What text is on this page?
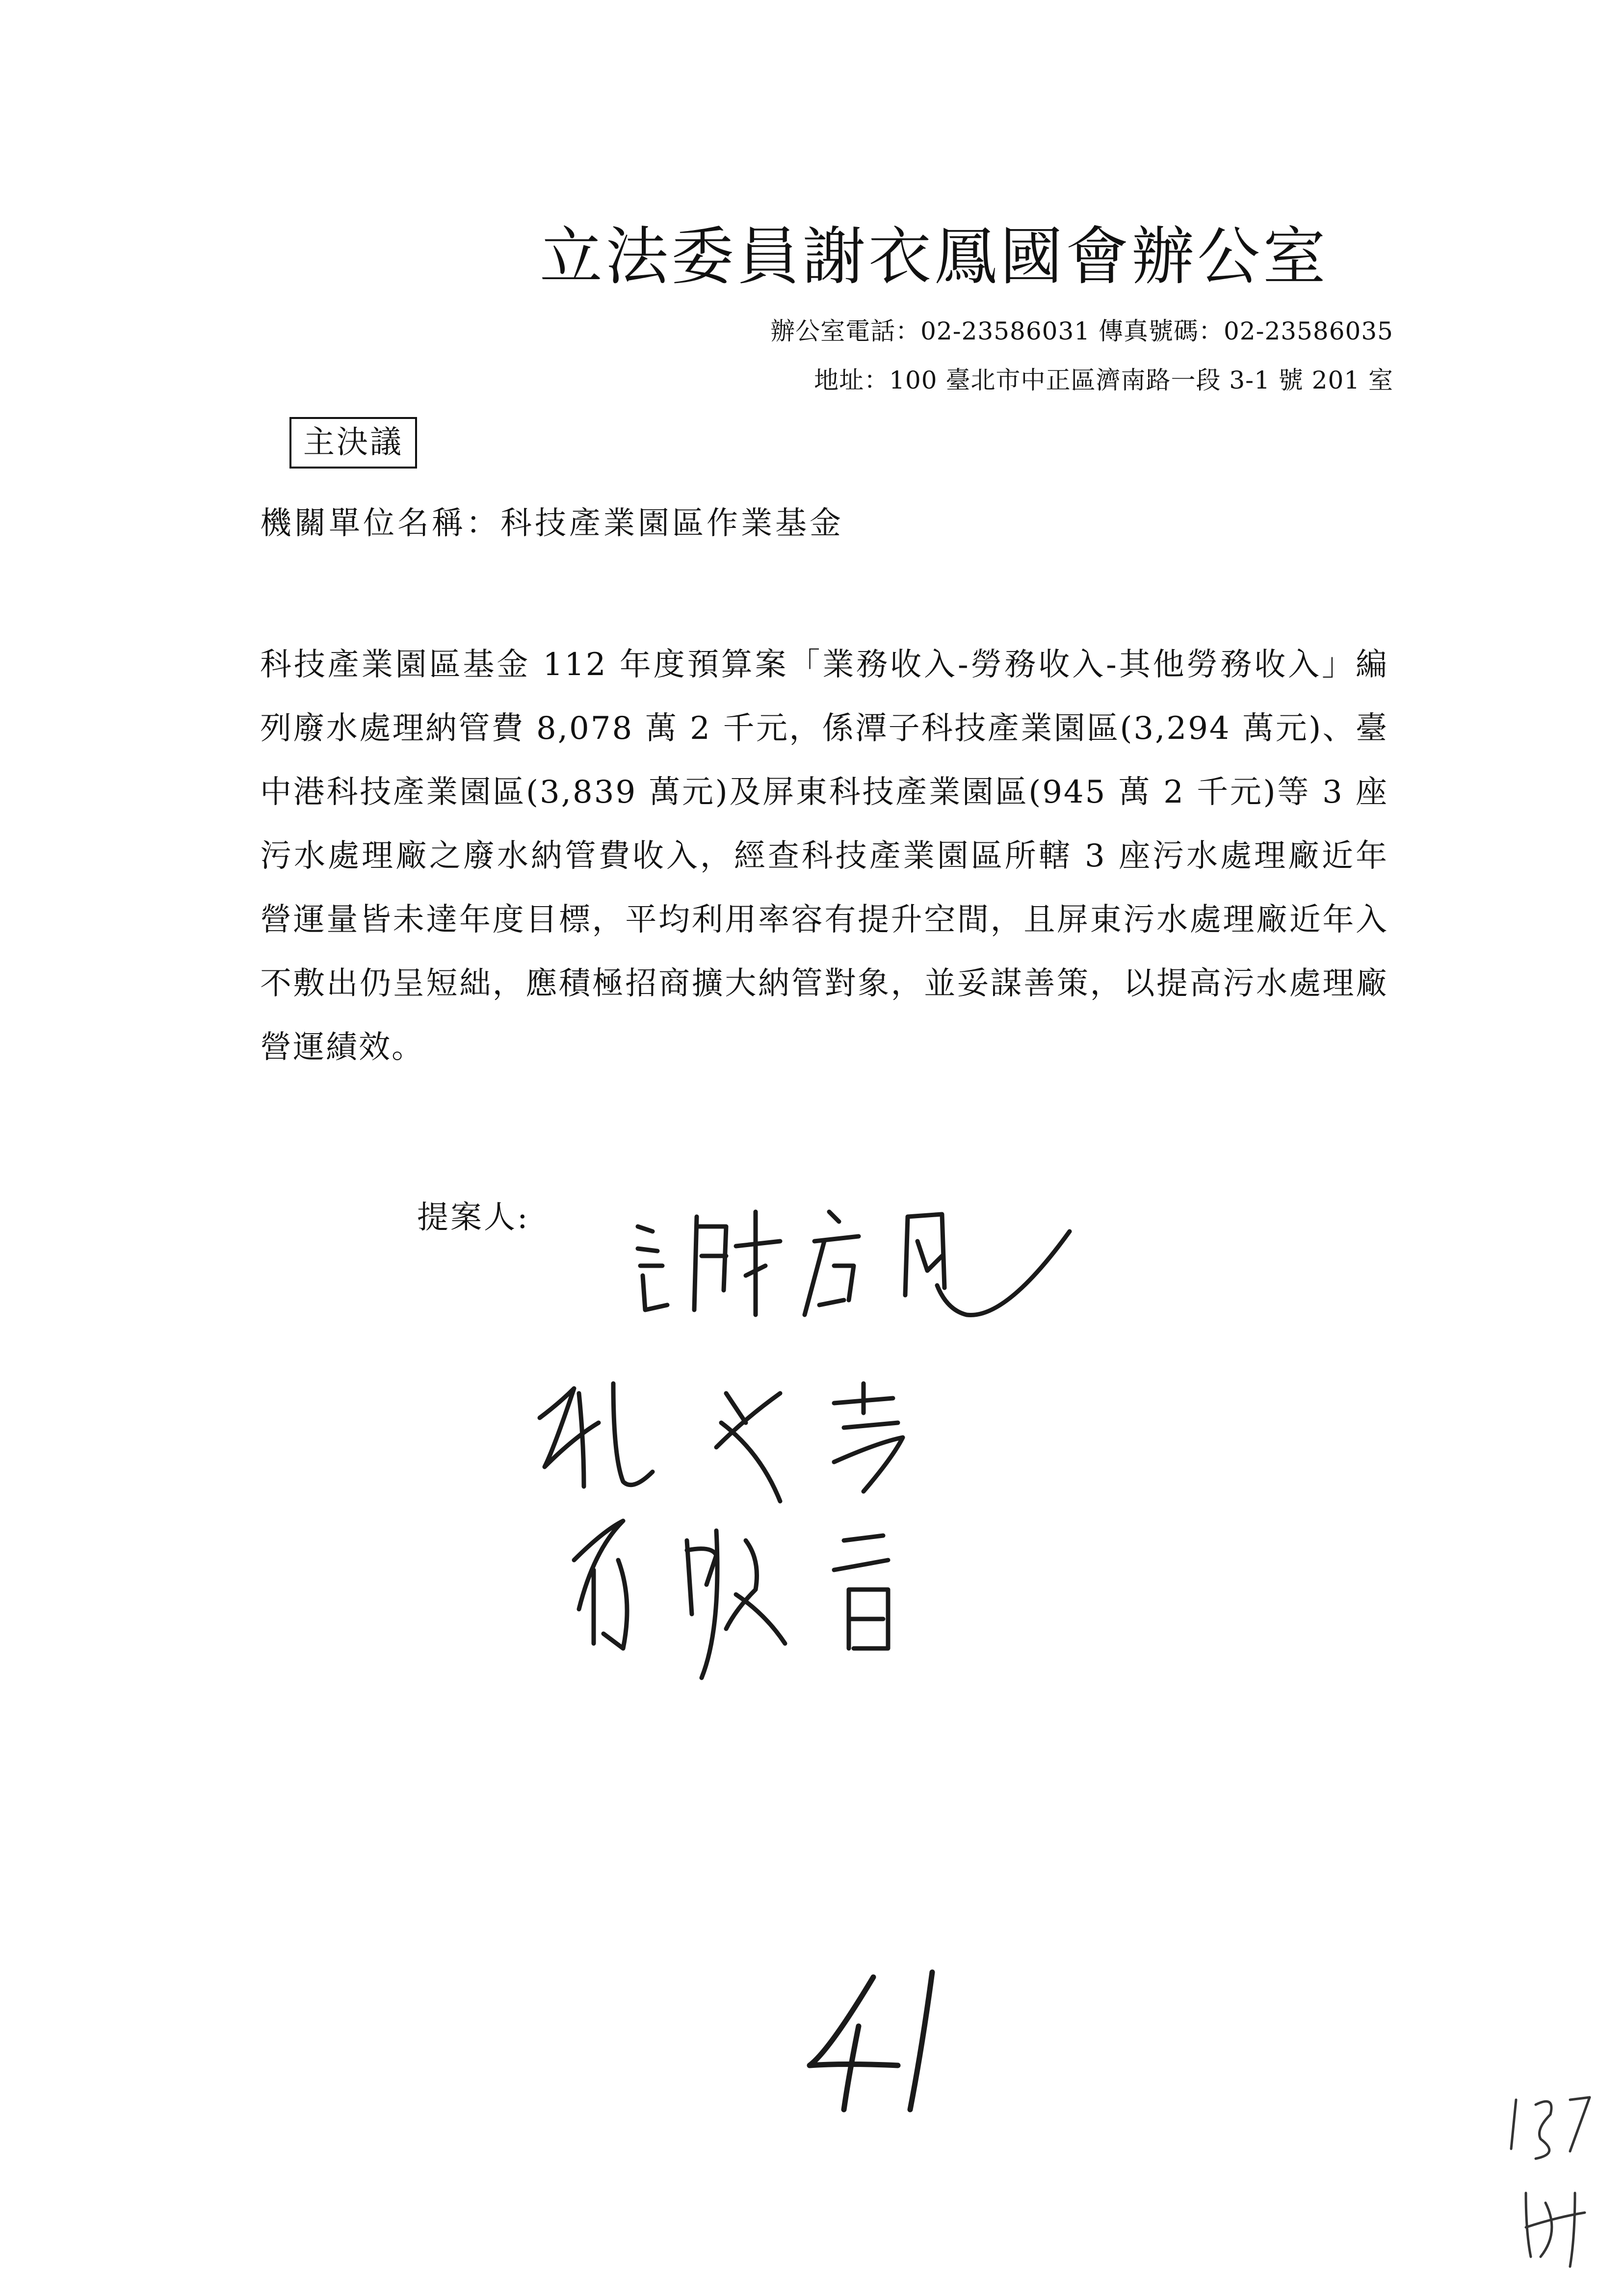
立法委員謝衣鳳國會辦公室
辦公室電話：02-23586031 傳真號碼：02-23586035
地址：100 臺北市中正區濟南路一段 3-1 號 201 室
主決議
機關單位名稱：科技產業園區作業基金
科技產業園區基金 112 年度預算案「業務收入-勞務收入-其他勞務收入」編列廢水處理納管費 8,078 萬 2 千元，係潭子科技產業園區(3,294 萬元)、臺中港科技產業園區(3,839 萬元)及屏東科技產業園區(945 萬 2 千元)等 3 座污水處理廠之廢水納管費收入，經查科技產業園區所轄 3 座污水處理廠近年營運量皆未達年度目標，平均利用率容有提升空間，且屏東污水處理廠近年入不敷出仍呈短絀，應積極招商擴大納管對象，並妥謀善策，以提高污水處理廠營運績效。
提案人:
